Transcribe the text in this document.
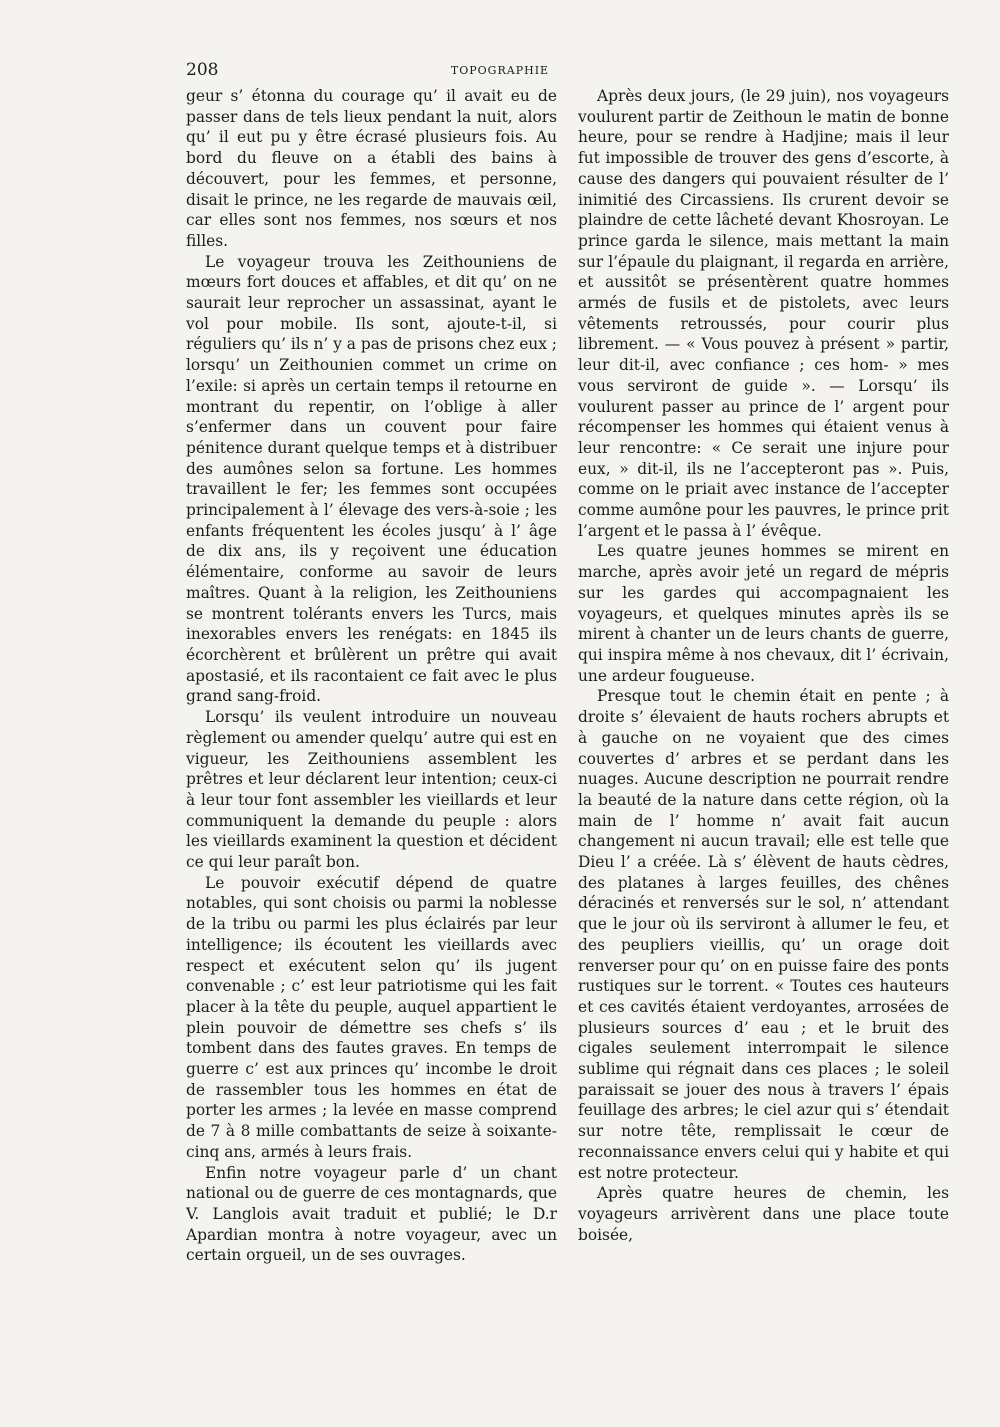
208	TOPOGRAPHIE

geur s’ étonna du courage qu’ il avait eu de passer dans de tels lieux pendant la nuit, alors qu’ il eut pu y être écrasé plusieurs fois. Au bord du fleuve on a établi des bains à découvert, pour les femmes, et personne, disait le prince, ne les regarde de mauvais œil, car elles sont nos femmes, nos sœurs et nos filles.

Le voyageur trouva les Zeithouniens de mœurs fort douces et affables, et dit qu’ on ne saurait leur reprocher un assassinat, ayant le vol pour mobile. Ils sont, ajoute-t-il, si réguliers qu’ ils n’ y a pas de prisons chez eux ; lorsqu’ un Zeithounien commet un crime on l’exile: si après un certain temps il retourne en montrant du repentir, on l’oblige à aller s’enfermer dans un couvent pour faire pénitence durant quelque temps et à distribuer des aumônes selon sa fortune. Les hommes travaillent le fer; les femmes sont occupées principalement à l’ élevage des vers-à-soie ; les enfants fréquentent les écoles jusqu’ à l’ âge de dix ans, ils y reçoivent une éducation élémentaire, conforme au savoir de leurs maîtres. Quant à la religion, les Zeithouniens se montrent tolérants envers les Turcs, mais inexorables envers les renégats: en 1845 ils écorchèrent et brûlèrent un prêtre qui avait apostasié, et ils racontaient ce fait avec le plus grand sang-froid.

Lorsqu’ ils veulent introduire un nouveau règlement ou amender quelqu’ autre qui est en vigueur, les Zeithouniens assemblent les prêtres et leur déclarent leur intention; ceux-ci à leur tour font assembler les vieillards et leur communiquent la demande du peuple : alors les vieillards examinent la question et décident ce qui leur paraît bon.

Le pouvoir exécutif dépend de quatre notables, qui sont choisis ou parmi la noblesse de la tribu ou parmi les plus éclairés par leur intelligence; ils écoutent les vieillards avec respect et exécutent selon qu’ ils jugent convenable ; c’ est leur patriotisme qui les fait placer à la tête du peuple, auquel appartient le plein pouvoir de démettre ses chefs s’ ils tombent dans des fautes graves. En temps de guerre c’ est aux princes qu’ incombe le droit de rassembler tous les hommes en état de porter les armes ; la levée en masse comprend de 7 à 8 mille combattants de seize à soixante-cinq ans, armés à leurs frais.

Enfin notre voyageur parle d’ un chant national ou de guerre de ces montagnards, que V. Langlois avait traduit et publié; le D.r Apardian montra à notre voyageur, avec un certain orgueil, un de ses ouvrages.

Après deux jours, (le 29 juin), nos voyageurs voulurent partir de Zeithoun le matin de bonne heure, pour se rendre à Hadjine; mais il leur fut impossible de trouver des gens d’escorte, à cause des dangers qui pouvaient résulter de l’ inimitié des Circassiens. Ils crurent devoir se plaindre de cette lâcheté devant Khosroyan. Le prince garda le silence, mais mettant la main sur l’épaule du plaignant, il regarda en arrière, et aussitôt se présentèrent quatre hommes armés de fusils et de pistolets, avec leurs vêtements retroussés, pour courir plus librement. — « Vous pouvez à présent » partir, leur dit-il, avec confiance ; ces hom- » mes vous serviront de guide ». — Lorsqu’ ils voulurent passer au prince de l’ argent pour récompenser les hommes qui étaient venus à leur rencontre: « Ce serait une injure pour eux, » dit-il, ils ne l’accepteront pas ». Puis, comme on le priait avec instance de l’accepter comme aumône pour les pauvres, le prince prit l’argent et le passa à l’ évêque.

Les quatre jeunes hommes se mirent en marche, après avoir jeté un regard de mépris sur les gardes qui accompagnaient les voyageurs, et quelques minutes après ils se mirent à chanter un de leurs chants de guerre, qui inspira même à nos chevaux, dit l’ écrivain, une ardeur fougueuse.

Presque tout le chemin était en pente ; à droite s’ élevaient de hauts rochers abrupts et à gauche on ne voyaient que des cimes couvertes d’ arbres et se perdant dans les nuages. Aucune description ne pourrait rendre la beauté de la nature dans cette région, où la main de l’ homme n’ avait fait aucun changement ni aucun travail; elle est telle que Dieu l’ a créée. Là s’ élèvent de hauts cèdres, des platanes à larges feuilles, des chênes déracinés et renversés sur le sol, n’ attendant que le jour où ils serviront à allumer le feu, et des peupliers vieillis, qu’ un orage doit renverser pour qu’ on en puisse faire des ponts rustiques sur le torrent. « Toutes ces hauteurs et ces cavités étaient verdoyantes, arrosées de plusieurs sources d’ eau ; et le bruit des cigales seulement interrompait le silence sublime qui régnait dans ces places ; le soleil paraissait se jouer des nous à travers l’ épais feuillage des arbres; le ciel azur qui s’ étendait sur notre tête, remplissait le cœur de reconnaissance envers celui qui y habite et qui est notre protecteur.

Après quatre heures de chemin, les voyageurs arrivèrent dans une place toute boisée,
